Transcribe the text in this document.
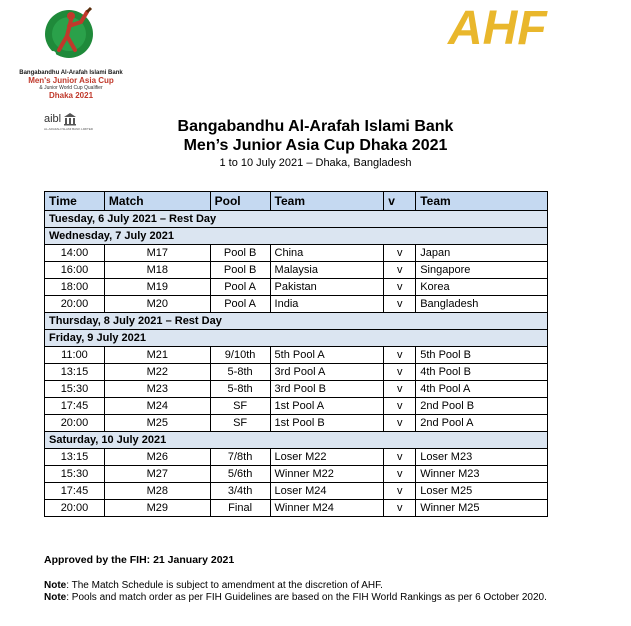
Bangabandhu Al-Arafah Islami Bank
Men's Junior Asia Cup
& Junior World Cup Qualifier
Dhaka 2021
aibl
AL-ARAFAH ISLAMI BANK LIMITED
AHF
Bangabandhu Al-Arafah Islami Bank
Men’s Junior Asia Cup Dhaka 2021
1 to 10 July 2021 – Dhaka, Bangladesh
Time	Match	Pool	Team	v	Team
Tuesday, 6 July 2021 – Rest Day					
Wednesday, 7 July 2021					
14:00	M17	Pool B	China	v	Japan
16:00	M18	Pool B	Malaysia	v	Singapore
18:00	M19	Pool A	Pakistan	v	Korea
20:00	M20	Pool A	India	v	Bangladesh
Thursday, 8 July 2021 – Rest Day					
Friday, 9 July 2021					
11:00	M21	9/10th	5th Pool A	v	5th Pool B
13:15	M22	5-8th	3rd Pool A	v	4th Pool B
15:30	M23	5-8th	3rd Pool B	v	4th Pool A
17:45	M24	SF	1st Pool A	v	2nd Pool B
20:00	M25	SF	1st Pool B	v	2nd Pool A
Saturday, 10 July 2021					
13:15	M26	7/8th	Loser M22	v	Loser M23
15:30	M27	5/6th	Winner M22	v	Winner M23
17:45	M28	3/4th	Loser M24	v	Loser M25
20:00	M29	Final	Winner M24	v	Winner M25
Approved by the FIH: 21 January 2021
Note: The Match Schedule is subject to amendment at the discretion of AHF.
Note: Pools and match order as per FIH Guidelines are based on the FIH World Rankings as per 6 October 2020.
